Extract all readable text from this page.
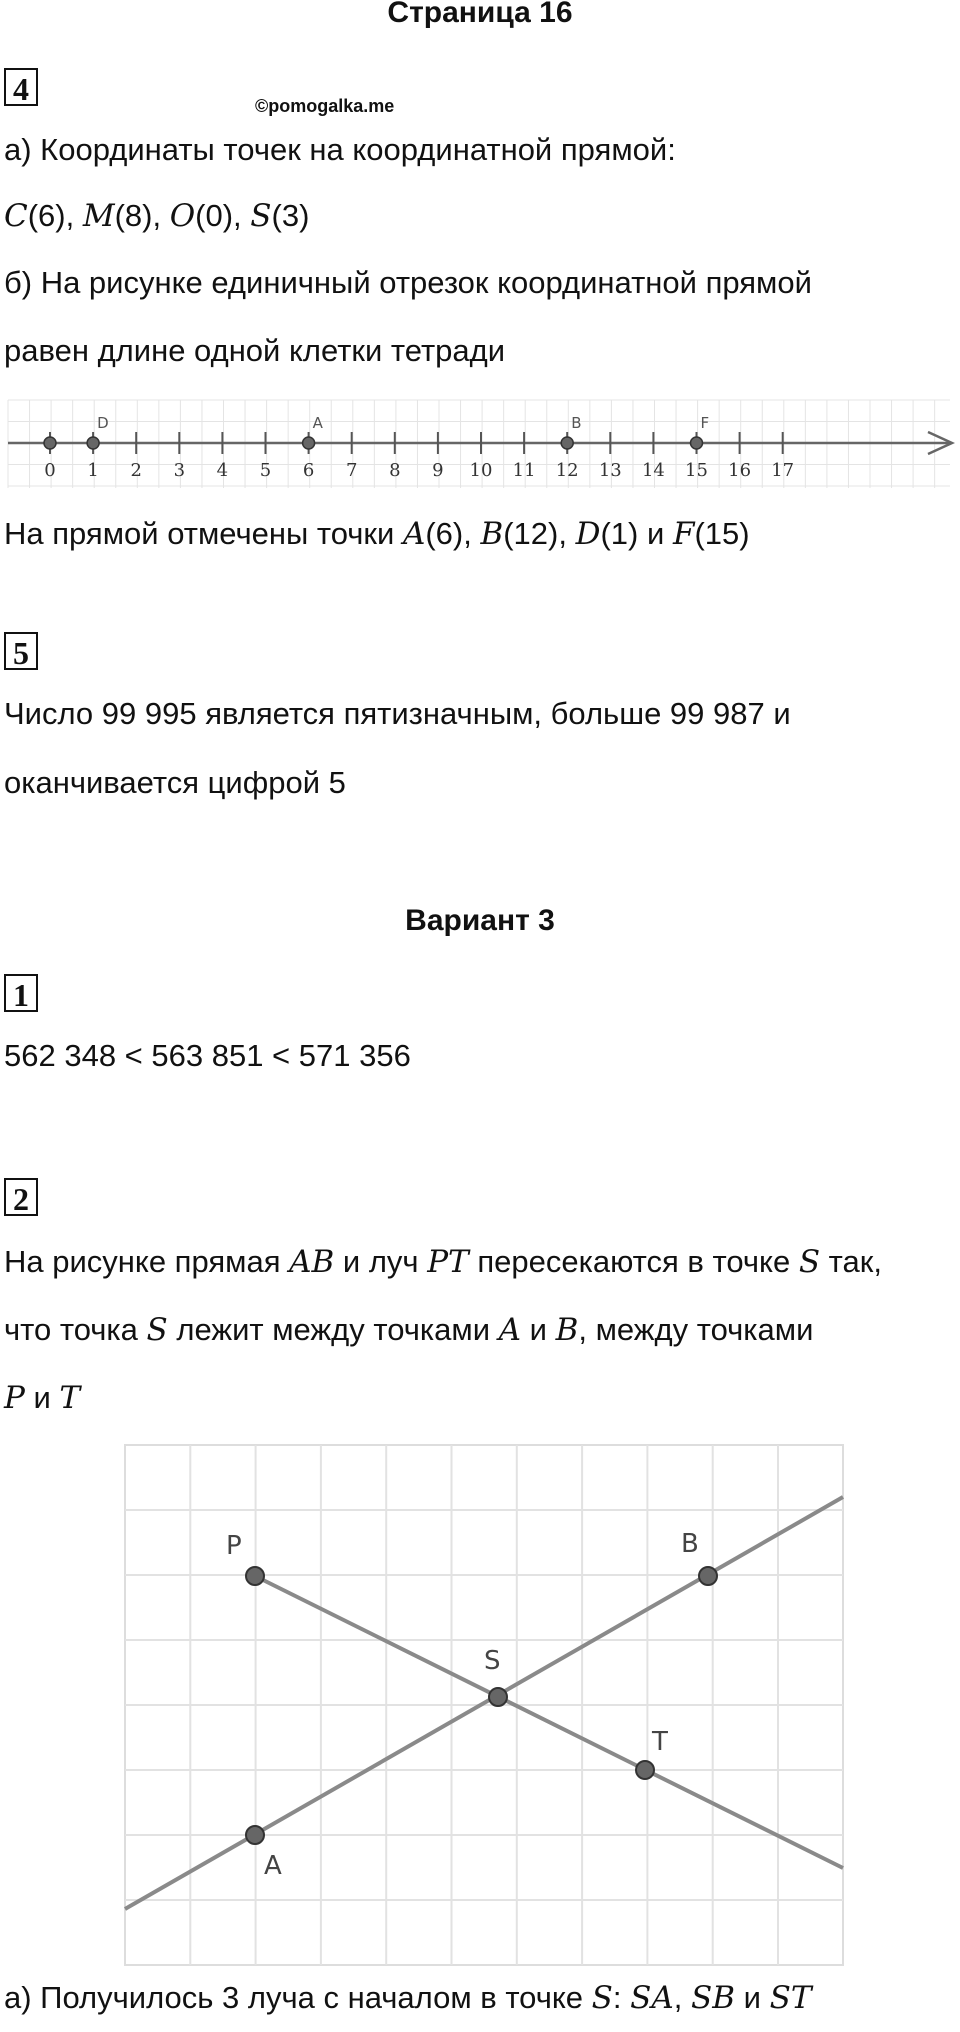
Страница 16
4	©pomogalka.me
а) Координаты точек на координатной прямой:
C(6), M(8), O(0), S(3)
б) На рисунке единичный отрезок координатной прямой
равен длине одной клетки тетради
0 1 2 3 4 5 6 7 8 9 10 11 12 13 14 15 16 17
D	A	B	F
На прямой отмечены точки A(6), B(12), D(1) и F(15)
5
Число 99 995 является пятизначным, больше 99 987 и
оканчивается цифрой 5
Вариант 3
1
562 348 < 563 851 < 571 356
2
На рисунке прямая AB и луч PT пересекаются в точке S так,
что точка S лежит между точками A и B, между точками
P и T
P	B
S
T
A
а) Получилось 3 луча с началом в точке S: SA, SB и ST
